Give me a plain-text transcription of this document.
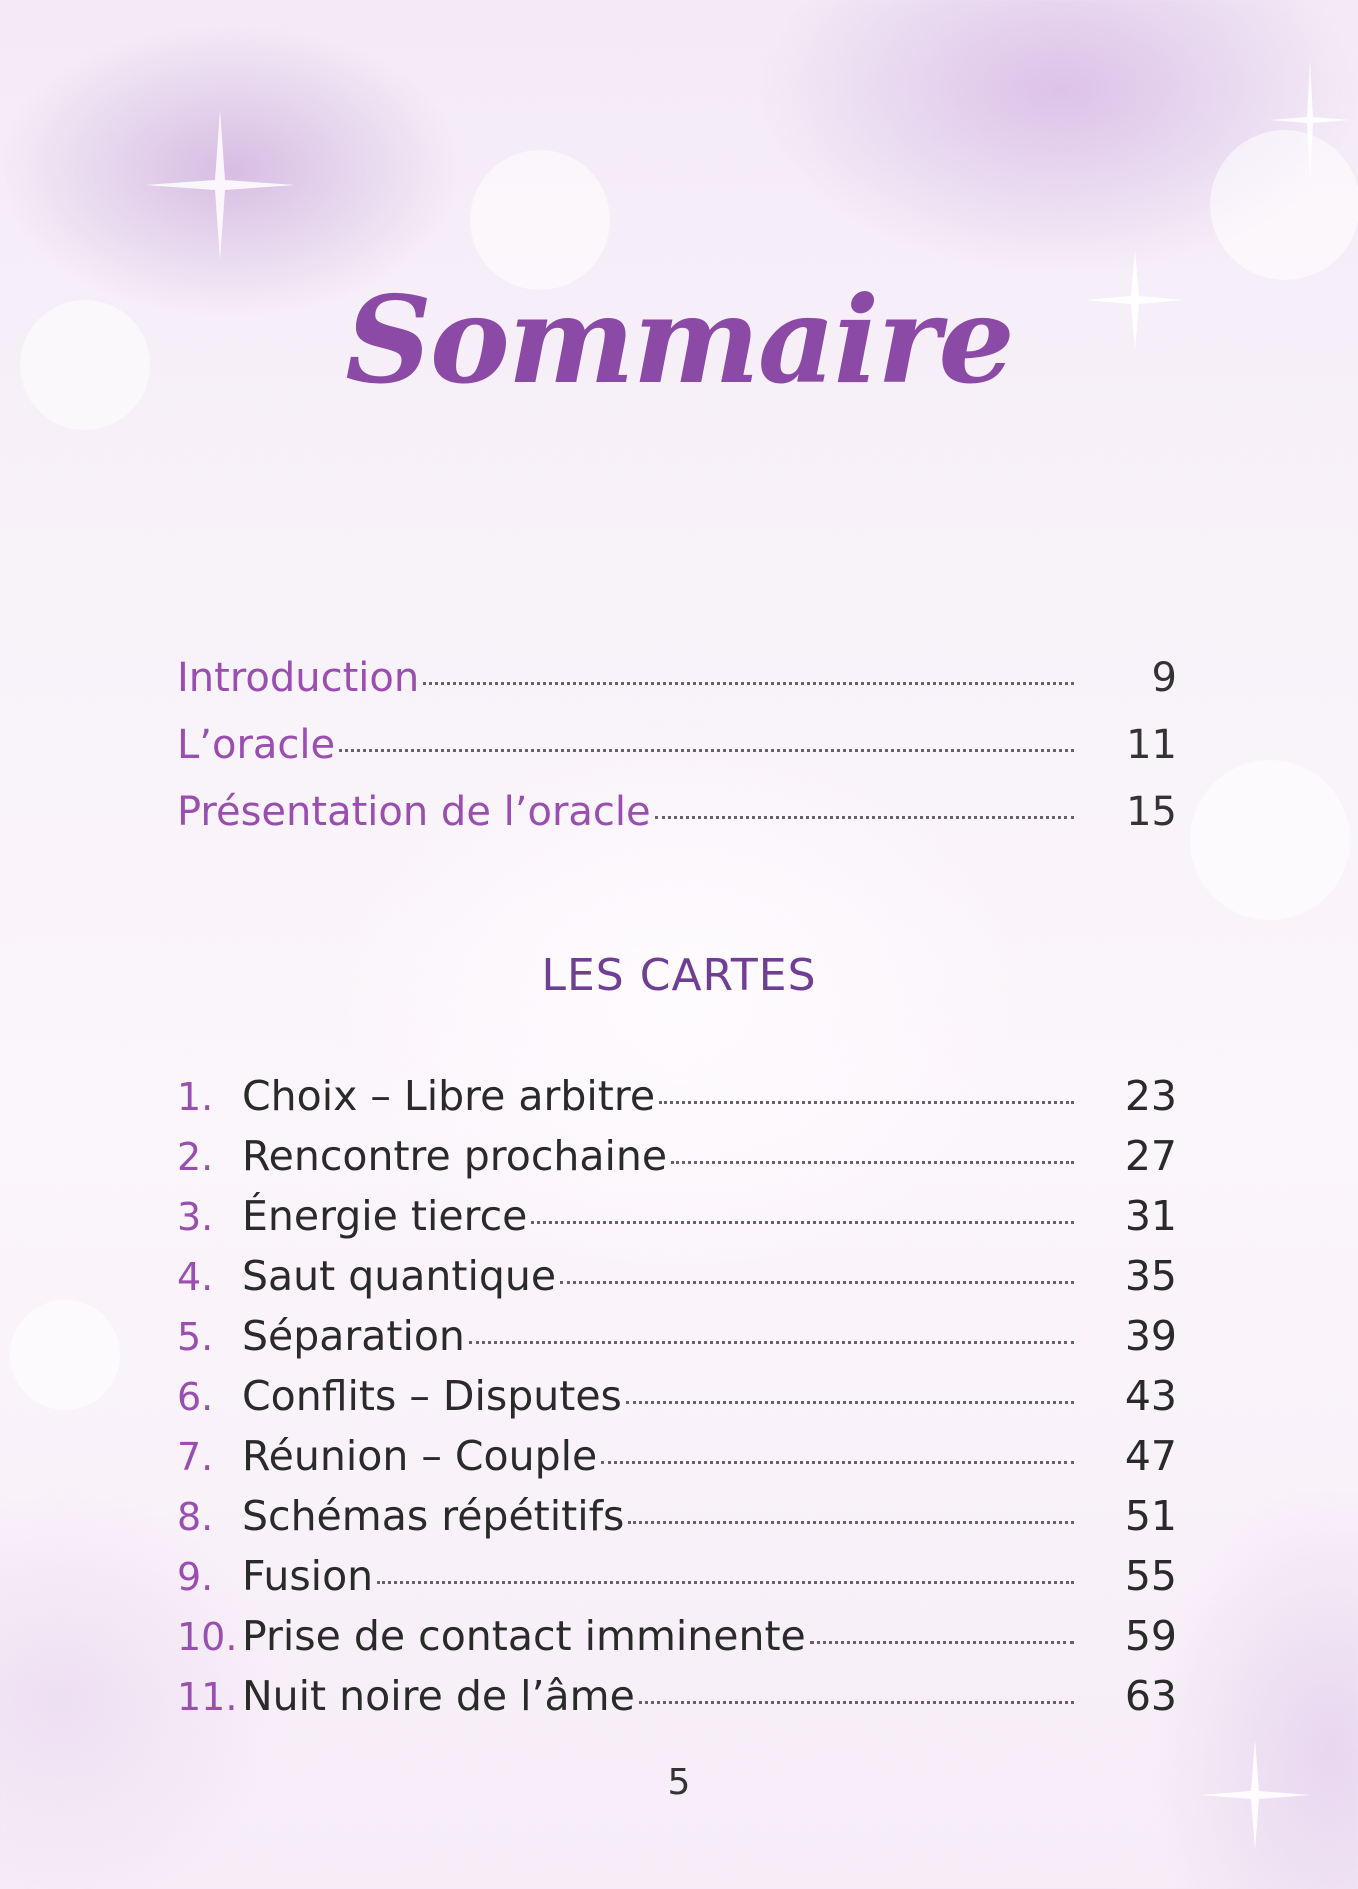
Sommaire
Introduction	9
L’oracle	11
Présentation de l’oracle	15
LES CARTES
1. Choix – Libre arbitre	23
2. Rencontre prochaine	27
3. Énergie tierce	31
4. Saut quantique	35
5. Séparation	39
6. Conflits – Disputes	43
7. Réunion – Couple	47
8. Schémas répétitifs	51
9. Fusion	55
10. Prise de contact imminente	59
11. Nuit noire de l’âme	63
5
